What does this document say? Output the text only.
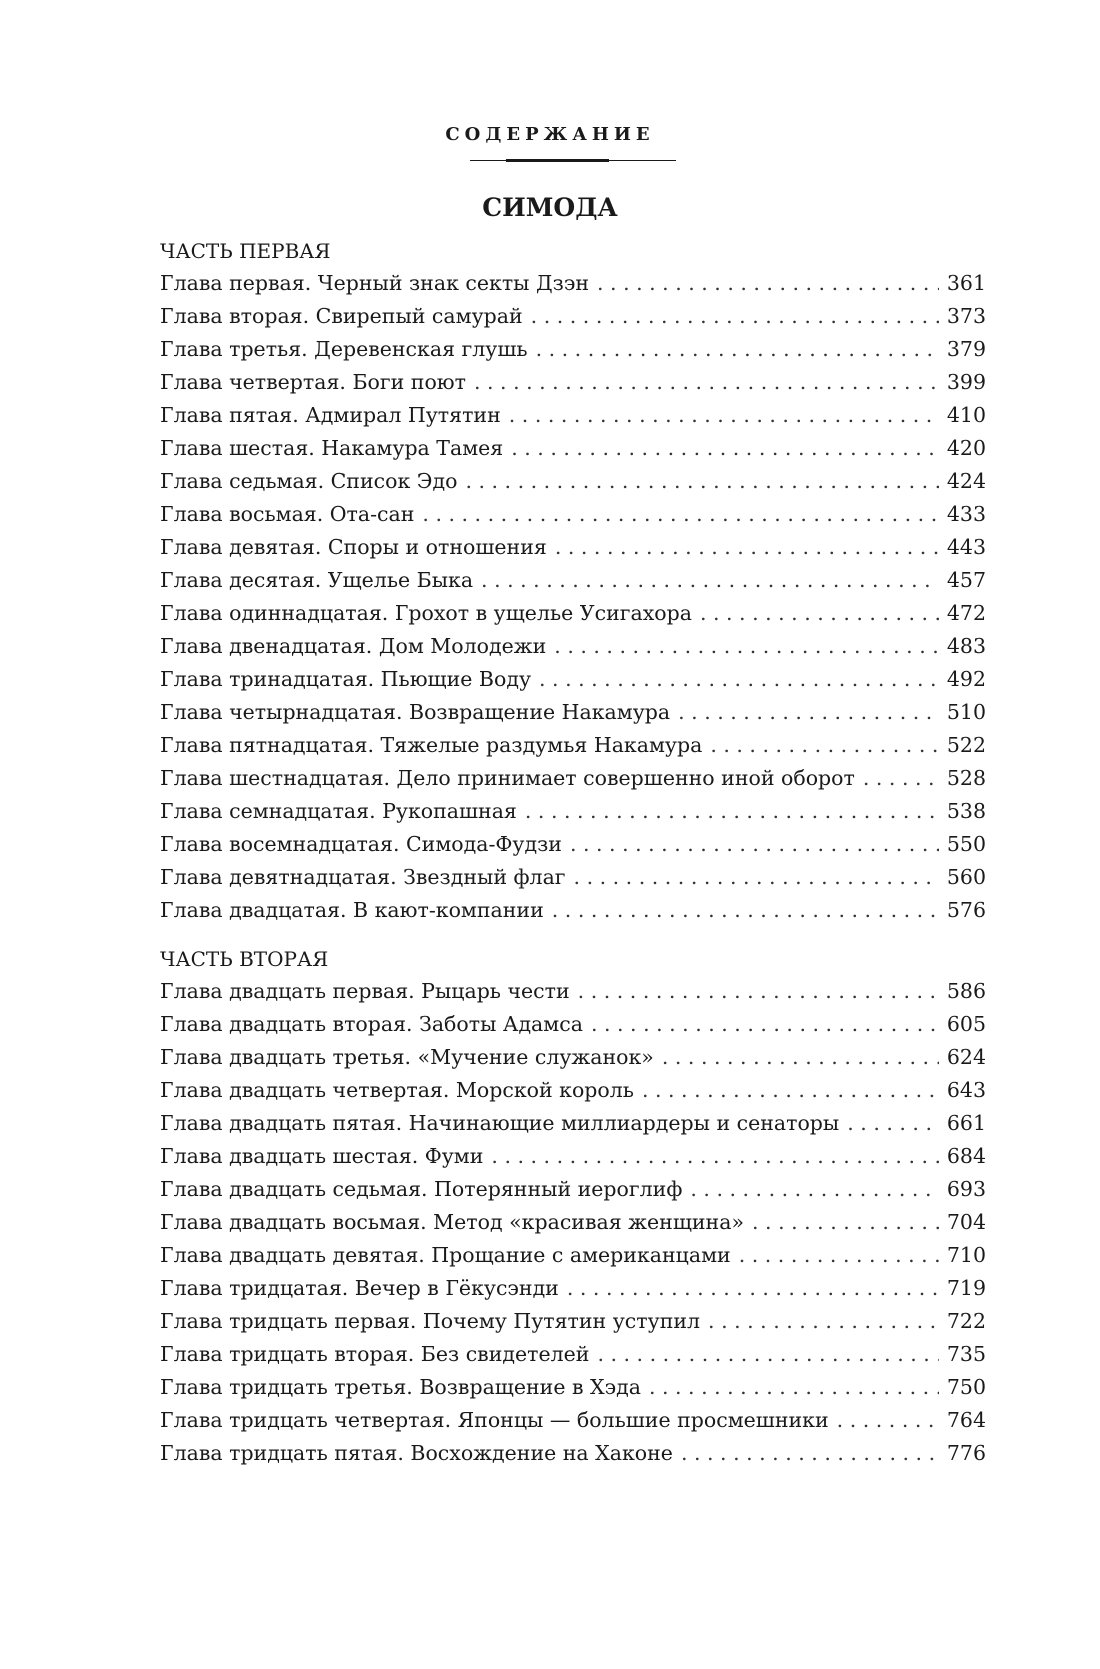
СОДЕРЖАНИЕ
СИМОДА
ЧАСТЬ ПЕРВАЯ
Глава первая. Черный знак секты Дзэн . . .	361
Глава вторая. Свирепый самурай . . .	373
Глава третья. Деревенская глушь . . .	379
Глава четвертая. Боги поют . . .	399
Глава пятая. Адмирал Путятин . . .	410
Глава шестая. Накамура Тамея . . .	420
Глава седьмая. Список Эдо . . .	424
Глава восьмая. Ота-сан . . .	433
Глава девятая. Споры и отношения . . .	443
Глава десятая. Ущелье Быка . . .	457
Глава одиннадцатая. Грохот в ущелье Усигахора . . .	472
Глава двенадцатая. Дом Молодежи . . .	483
Глава тринадцатая. Пьющие Воду . . .	492
Глава четырнадцатая. Возвращение Накамура . . .	510
Глава пятнадцатая. Тяжелые раздумья Накамура . . .	522
Глава шестнадцатая. Дело принимает совершенно иной оборот . . .	528
Глава семнадцатая. Рукопашная . . .	538
Глава восемнадцатая. Симода-Фудзи . . .	550
Глава девятнадцатая. Звездный флаг . . .	560
Глава двадцатая. В кают-компании . . .	576
ЧАСТЬ ВТОРАЯ
Глава двадцать первая. Рыцарь чести . . .	586
Глава двадцать вторая. Заботы Адамса . . .	605
Глава двадцать третья. «Мучение служанок» . . .	624
Глава двадцать четвертая. Морской король . . .	643
Глава двадцать пятая. Начинающие миллиардеры и сенаторы . . .	661
Глава двадцать шестая. Фуми . . .	684
Глава двадцать седьмая. Потерянный иероглиф . . .	693
Глава двадцать восьмая. Метод «красивая женщина» . . .	704
Глава двадцать девятая. Прощание с американцами . . .	710
Глава тридцатая. Вечер в Гёкусэнди . . .	719
Глава тридцать первая. Почему Путятин уступил . . .	722
Глава тридцать вторая. Без свидетелей . . .	735
Глава тридцать третья. Возвращение в Хэда . . .	750
Глава тридцать четвертая. Японцы — большие просмешники . . .	764
Глава тридцать пятая. Восхождение на Хаконе . . .	776
